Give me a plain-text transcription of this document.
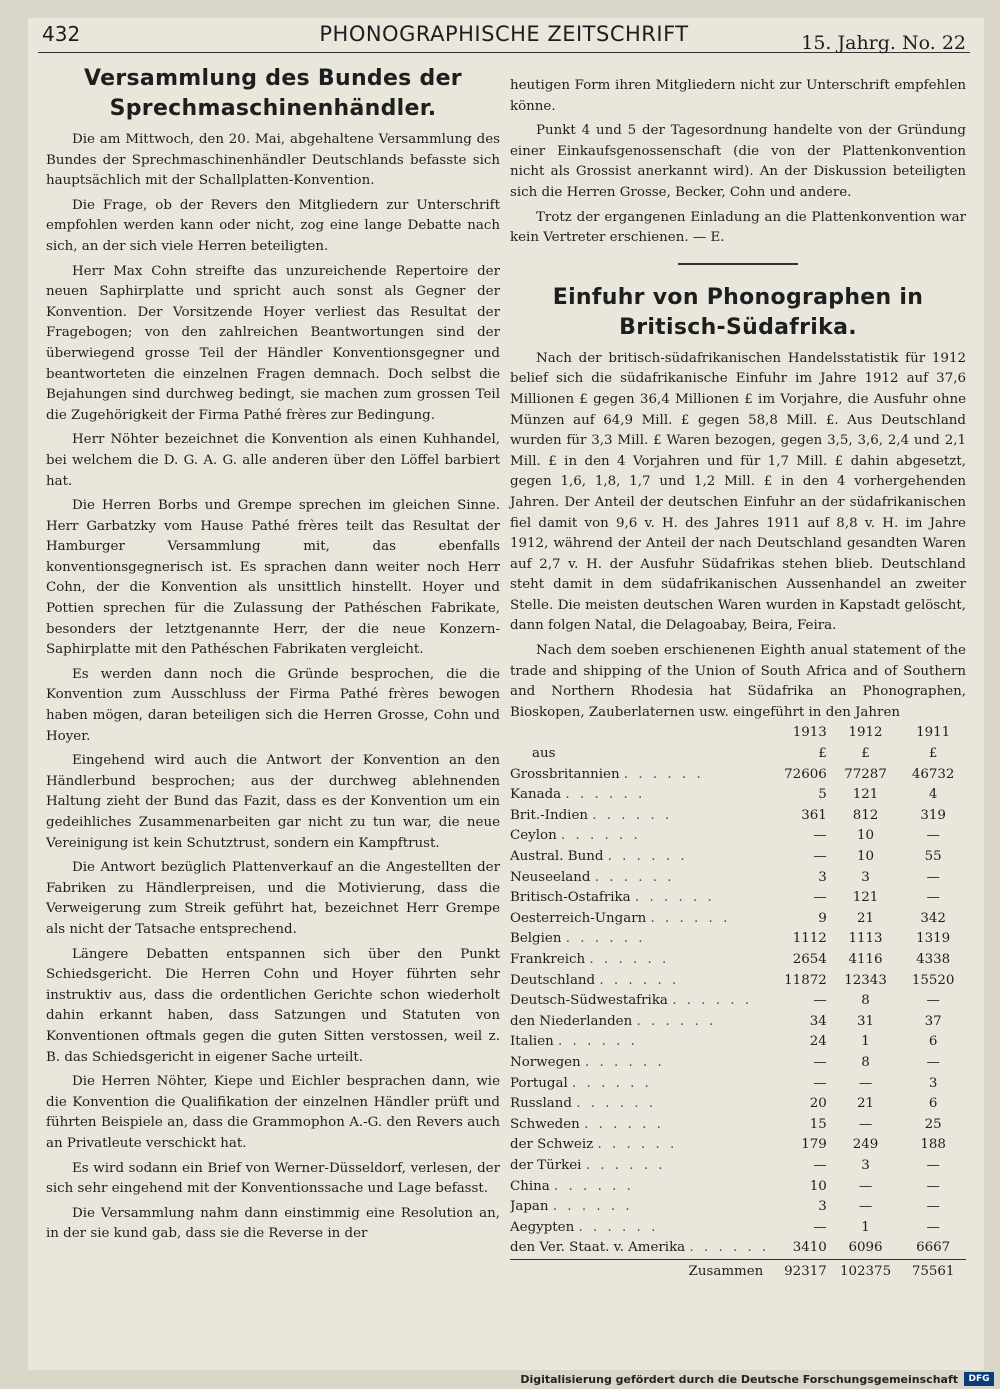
432	PHONOGRAPHISCHE ZEITSCHRIFT	15. Jahrg. No. 22
Versammlung des Bundes der
Sprechmaschinenhändler.

Die am Mittwoch, den 20. Mai, abgehaltene Versammlung des Bundes der Sprechmaschinenhändler Deutschlands befasste sich hauptsächlich mit der Schallplatten-Konvention.

Die Frage, ob der Revers den Mitgliedern zur Unterschrift empfohlen werden kann oder nicht, zog eine lange Debatte nach sich, an der sich viele Herren beteiligten.

Herr Max Cohn streifte das unzureichende Repertoire der neuen Saphirplatte und spricht auch sonst als Gegner der Konvention. Der Vorsitzende Hoyer verliest das Resultat der Fragebogen; von den zahlreichen Beantwortungen sind der überwiegend grosse Teil der Händler Konventionsgegner und beantworteten die einzelnen Fragen demnach. Doch selbst die Bejahungen sind durchweg bedingt, sie machen zum grossen Teil die Zugehörigkeit der Firma Pathé frères zur Bedingung.

Herr Nöhter bezeichnet die Konvention als einen Kuhhandel, bei welchem die D. G. A. G. alle anderen über den Löffel barbiert hat.

Die Herren Borbs und Grempe sprechen im gleichen Sinne. Herr Garbatzky vom Hause Pathé frères teilt das Resultat der Hamburger Versammlung mit, das ebenfalls konventionsgegnerisch ist. Es sprachen dann weiter noch Herr Cohn, der die Konvention als unsittlich hinstellt. Hoyer und Pottien sprechen für die Zulassung der Pathéschen Fabrikate, besonders der letztgenannte Herr, der die neue Konzern-Saphirplatte mit den Pathéschen Fabrikaten vergleicht.

Es werden dann noch die Gründe besprochen, die die Konvention zum Ausschluss der Firma Pathé frères bewogen haben mögen, daran beteiligen sich die Herren Grosse, Cohn und Hoyer.

Eingehend wird auch die Antwort der Konvention an den Händlerbund besprochen; aus der durchweg ablehnenden Haltung zieht der Bund das Fazit, dass es der Konvention um ein gedeihliches Zusammenarbeiten gar nicht zu tun war, die neue Vereinigung ist kein Schutztrust, sondern ein Kampftrust.

Die Antwort bezüglich Plattenverkauf an die Angestellten der Fabriken zu Händlerpreisen, und die Motivierung, dass die Verweigerung zum Streik geführt hat, bezeichnet Herr Grempe als nicht der Tatsache entsprechend.

Längere Debatten entspannen sich über den Punkt Schiedsgericht. Die Herren Cohn und Hoyer führten sehr instruktiv aus, dass die ordentlichen Gerichte schon wiederholt dahin erkannt haben, dass Satzungen und Statuten von Konventionen oftmals gegen die guten Sitten verstossen, weil z. B. das Schiedsgericht in eigener Sache urteilt.

Die Herren Nöhter, Kiepe und Eichler besprachen dann, wie die Konvention die Qualifikation der einzelnen Händler prüft und führten Beispiele an, dass die Grammophon A.-G. den Revers auch an Privatleute verschickt hat.

Es wird sodann ein Brief von Werner-Düsseldorf, verlesen, der sich sehr eingehend mit der Konventionssache und Lage befasst.

Die Versammlung nahm dann einstimmig eine Resolution an, in der sie kund gab, dass sie die Reverse in der

heutigen Form ihren Mitgliedern nicht zur Unterschrift empfehlen könne.

Punkt 4 und 5 der Tagesordnung handelte von der Gründung einer Einkaufsgenossenschaft (die von der Plattenkonvention nicht als Grossist anerkannt wird). An der Diskussion beteiligten sich die Herren Grosse, Becker, Cohn und andere.

Trotz der ergangenen Einladung an die Plattenkonvention war kein Vertreter erschienen. — E.

Einfuhr von Phonographen in
Britisch-Südafrika.

Nach der britisch-südafrikanischen Handelsstatistik für 1912 belief sich die südafrikanische Einfuhr im Jahre 1912 auf 37,6 Millionen £ gegen 36,4 Millionen £ im Vorjahre, die Ausfuhr ohne Münzen auf 64,9 Mill. £ gegen 58,8 Mill. £. Aus Deutschland wurden für 3,3 Mill. £ Waren bezogen, gegen 3,5, 3,6, 2,4 und 2,1 Mill. £ in den 4 Vorjahren und für 1,7 Mill. £ dahin abgesetzt, gegen 1,6, 1,8, 1,7 und 1,2 Mill. £ in den 4 vorhergehenden Jahren. Der Anteil der deutschen Einfuhr an der südafrikanischen fiel damit von 9,6 v. H. des Jahres 1911 auf 8,8 v. H. im Jahre 1912, während der Anteil der nach Deutschland gesandten Waren auf 2,7 v. H. der Ausfuhr Südafrikas stehen blieb. Deutschland steht damit in dem südafrikanischen Aussenhandel an zweiter Stelle. Die meisten deutschen Waren wurden in Kapstadt gelöscht, dann folgen Natal, die Delagoabay, Beira, Feira.

Nach dem soeben erschienenen Eighth anual statement of the trade and shipping of the Union of South Africa and of Southern and Northern Rhodesia hat Südafrika an Phonographen, Bioskopen, Zauberlaternen usw. eingeführt in den Jahren

	1913	1912	1911
aus	£	£	£
Grossbritannien . . . . . .	72606	77287	46732
Kanada . . . . . .	5	121	4
Brit.-Indien . . . . . .	361	812	319
Ceylon . . . . . .	—	10	—
Austral. Bund . . . . . .	—	10	55
Neuseeland . . . . . .	3	3	—
Britisch-Ostafrika . . . . . .	—	121	—
Oesterreich-Ungarn . . . . . .	9	21	342
Belgien . . . . . .	1112	1113	1319
Frankreich . . . . . .	2654	4116	4338
Deutschland . . . . . .	11872	12343	15520
Deutsch-Südwestafrika . . . . . .	—	8	—
den Niederlanden . . . . . .	34	31	37
Italien . . . . . .	24	1	6
Norwegen . . . . . .	—	8	—
Portugal . . . . . .	—	—	3
Russland . . . . . .	20	21	6
Schweden . . . . . .	15	—	25
der Schweiz . . . . . .	179	249	188
der Türkei . . . . . .	—	3	—
China . . . . . .	10	—	—
Japan . . . . . .	3	—	—
Aegypten . . . . . .	—	1	—
den Ver. Staat. v. Amerika . . . . . .	3410	6096	6667
Zusammen	92317	102375	75561
Digitalisierung gefördert durch die Deutsche Forschungsgemeinschaft	DFG
